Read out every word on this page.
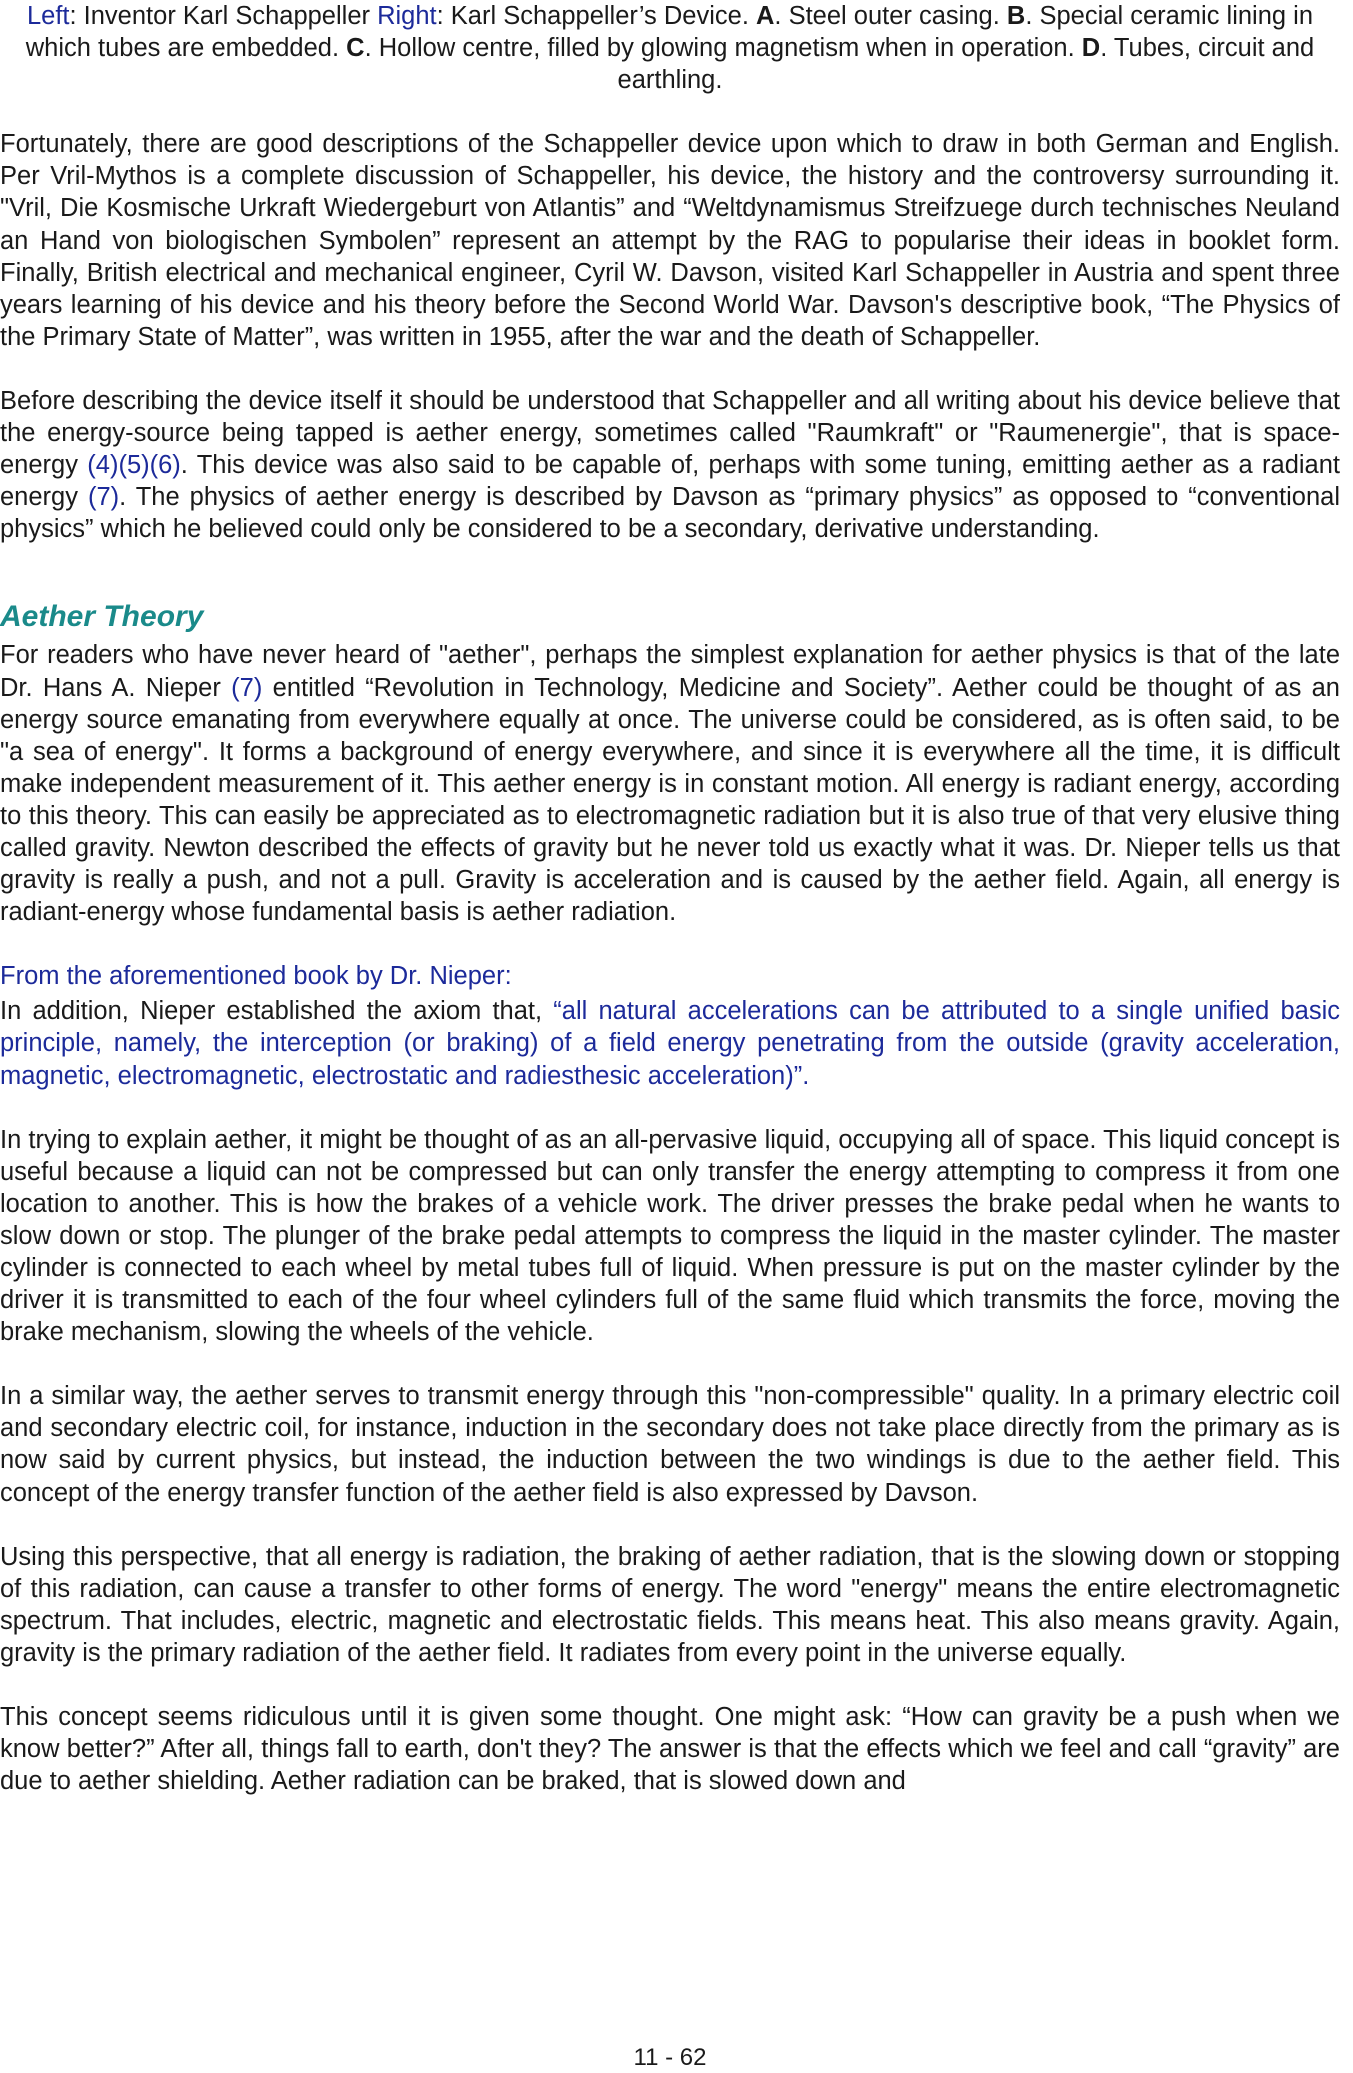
Left: Inventor Karl Schappeller Right: Karl Schappeller’s Device. A. Steel outer casing. B. Special ceramic lining in which tubes are embedded. C. Hollow centre, filled by glowing magnetism when in operation. D. Tubes, circuit and earthling.

Fortunately, there are good descriptions of the Schappeller device upon which to draw in both German and English. Per Vril-Mythos is a complete discussion of Schappeller, his device, the history and the controversy surrounding it. "Vril, Die Kosmische Urkraft Wiedergeburt von Atlantis” and “Weltdynamismus Streifzuege durch technisches Neuland an Hand von biologischen Symbolen” represent an attempt by the RAG to popularise their ideas in booklet form. Finally, British electrical and mechanical engineer, Cyril W. Davson, visited Karl Schappeller in Austria and spent three years learning of his device and his theory before the Second World War. Davson's descriptive book, “The Physics of the Primary State of Matter”, was written in 1955, after the war and the death of Schappeller.

Before describing the device itself it should be understood that Schappeller and all writing about his device believe that the energy-source being tapped is aether energy, sometimes called "Raumkraft" or "Raumenergie", that is space-energy (4)(5)(6). This device was also said to be capable of, perhaps with some tuning, emitting aether as a radiant energy (7). The physics of aether energy is described by Davson as “primary physics” as opposed to “conventional physics” which he believed could only be considered to be a secondary, derivative understanding.

Aether Theory

For readers who have never heard of "aether", perhaps the simplest explanation for aether physics is that of the late Dr. Hans A. Nieper (7) entitled “Revolution in Technology, Medicine and Society”. Aether could be thought of as an energy source emanating from everywhere equally at once. The universe could be considered, as is often said, to be "a sea of energy". It forms a background of energy everywhere, and since it is everywhere all the time, it is difficult make independent measurement of it. This aether energy is in constant motion. All energy is radiant energy, according to this theory. This can easily be appreciated as to electromagnetic radiation but it is also true of that very elusive thing called gravity. Newton described the effects of gravity but he never told us exactly what it was. Dr. Nieper tells us that gravity is really a push, and not a pull. Gravity is acceleration and is caused by the aether field. Again, all energy is radiant-energy whose fundamental basis is aether radiation.

From the aforementioned book by Dr. Nieper:

In addition, Nieper established the axiom that, “all natural accelerations can be attributed to a single unified basic principle, namely, the interception (or braking) of a field energy penetrating from the outside (gravity acceleration, magnetic, electromagnetic, electrostatic and radiesthesic acceleration)”.

In trying to explain aether, it might be thought of as an all-pervasive liquid, occupying all of space. This liquid concept is useful because a liquid can not be compressed but can only transfer the energy attempting to compress it from one location to another. This is how the brakes of a vehicle work. The driver presses the brake pedal when he wants to slow down or stop. The plunger of the brake pedal attempts to compress the liquid in the master cylinder. The master cylinder is connected to each wheel by metal tubes full of liquid. When pressure is put on the master cylinder by the driver it is transmitted to each of the four wheel cylinders full of the same fluid which transmits the force, moving the brake mechanism, slowing the wheels of the vehicle.

In a similar way, the aether serves to transmit energy through this "non-compressible" quality. In a primary electric coil and secondary electric coil, for instance, induction in the secondary does not take place directly from the primary as is now said by current physics, but instead, the induction between the two windings is due to the aether field. This concept of the energy transfer function of the aether field is also expressed by Davson.

Using this perspective, that all energy is radiation, the braking of aether radiation, that is the slowing down or stopping of this radiation, can cause a transfer to other forms of energy. The word "energy" means the entire electromagnetic spectrum. That includes, electric, magnetic and electrostatic fields. This means heat. This also means gravity. Again, gravity is the primary radiation of the aether field. It radiates from every point in the universe equally.

This concept seems ridiculous until it is given some thought. One might ask: “How can gravity be a push when we know better?” After all, things fall to earth, don't they? The answer is that the effects which we feel and call “gravity” are due to aether shielding. Aether radiation can be braked, that is slowed down and

11 - 62
